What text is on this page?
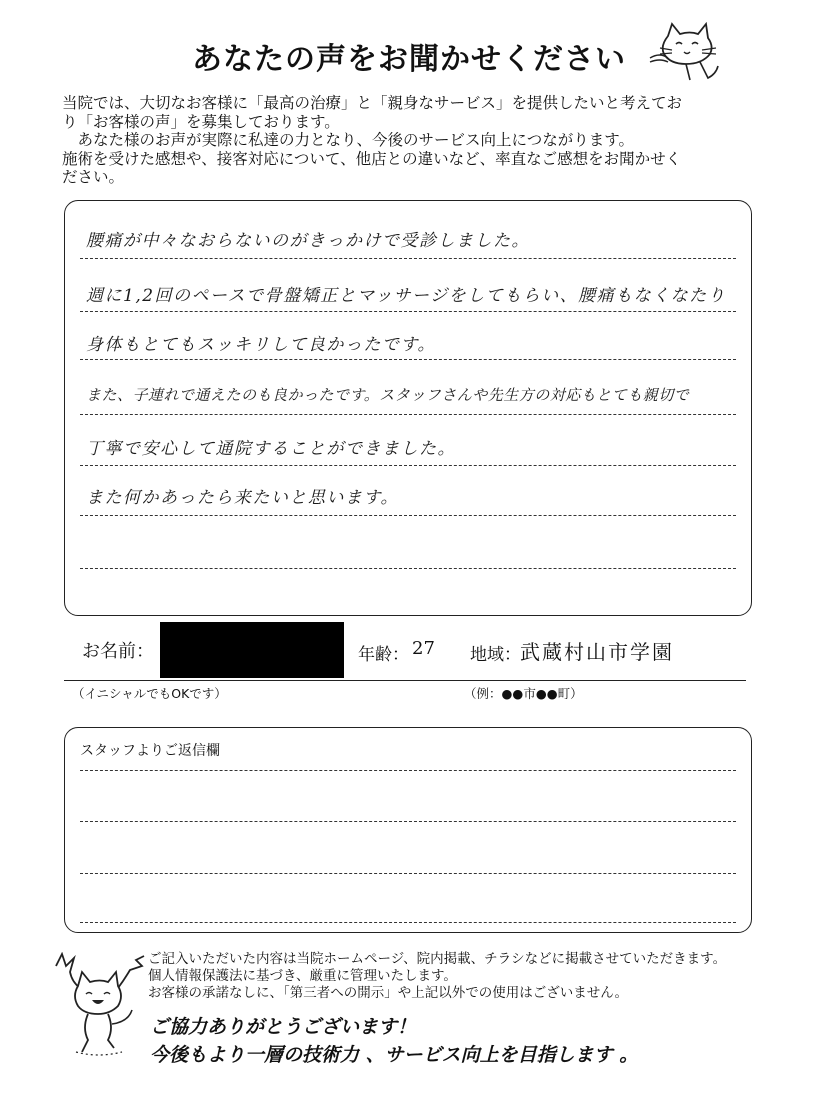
あなたの声をお聞かせください

当院では、大切なお客様に「最高の治療」と「親身なサービス」を提供したいと考えてお

り「お客様の声」を募集しております。

あなた様のお声が実際に私達の力となり、今後のサービス向上につながります。

施術を受けた感想や、接客対応について、他店との違いなど、率直なご感想をお聞かせく

ださい。

腰痛が中々なおらないのがきっかけで受診しました。
週に1,2回のペースで骨盤矯正とマッサージをしてもらい、腰痛もなくなたり
身体もとてもスッキリして良かったです。
また、子連れで通えたのも良かったです。スタッフさんや先生方の対応もとても親切で
丁寧で安心して通院することができました。
また何かあったら来たいと思います。
お名前：	年齢： 27 地域： 武蔵村山市学園
（イニシャルでもOKです）	（例：●●市●●町）
スタッフよりご返信欄

ご記入いただいた内容は当院ホームページ、院内掲載、チラシなどに掲載させていただきます。

個人情報保護法に基づき、厳重に管理いたします。

お客様の承諾なしに、「第三者への開示」や上記以外での使用はございません。

ご協力ありがとうございます！
今後もより一層の技術力 、サービス向上を目指します 。
